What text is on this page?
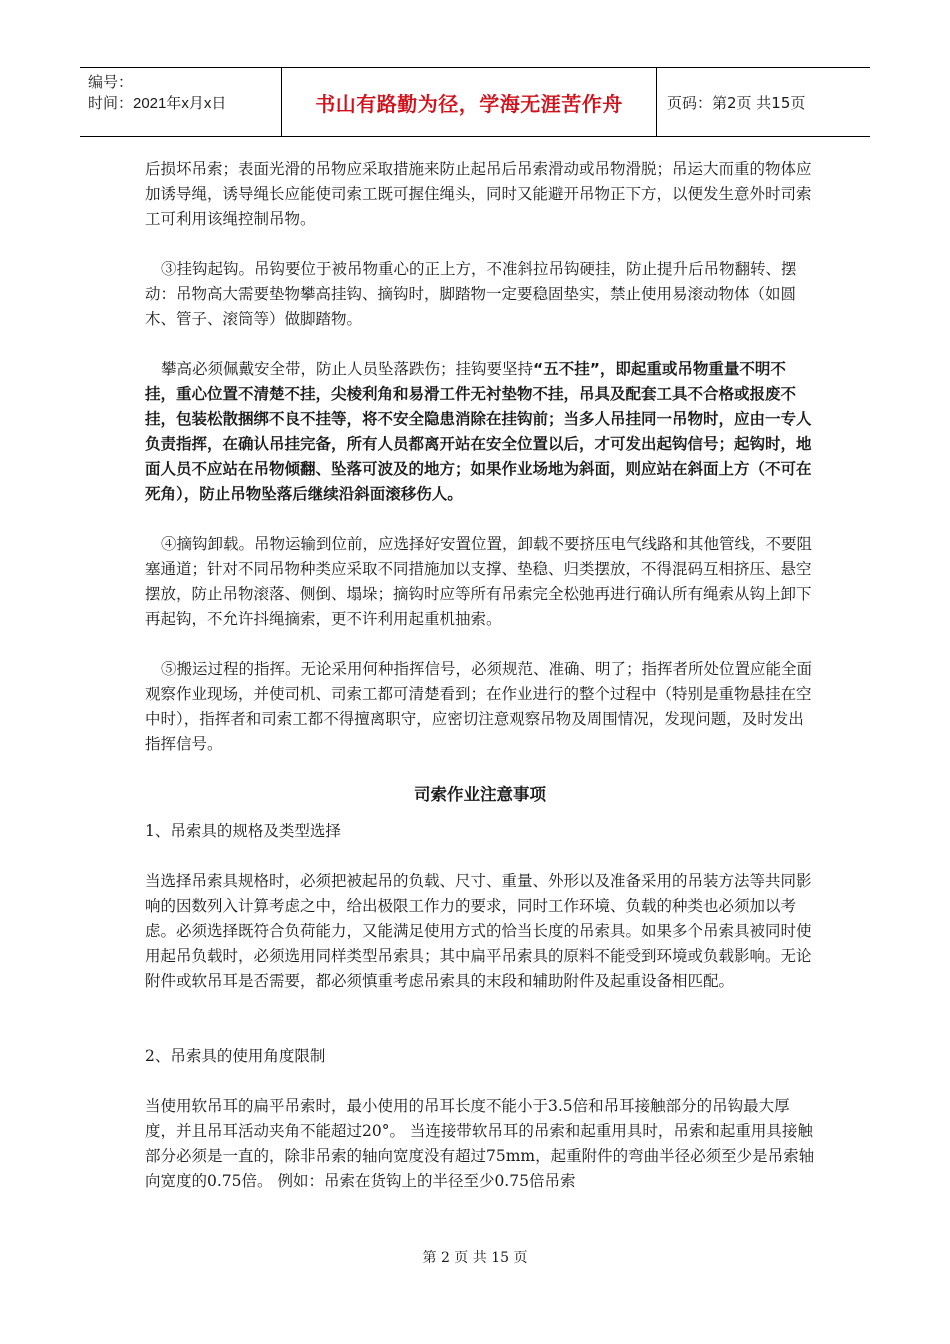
编号：
时间：2021年x月x日	书山有路勤为径，学海无涯苦作舟	页码：第2页 共15页

后损坏吊索；表面光滑的吊物应采取措施来防止起吊后吊索滑动或吊物滑脱；吊运大而重的物体应加诱导绳，诱导绳长应能使司索工既可握住绳头，同时又能避开吊物正下方，以便发生意外时司索工可利用该绳控制吊物。

③挂钩起钩。吊钩要位于被吊物重心的正上方，不准斜拉吊钩硬挂，防止提升后吊物翻转、摆动：吊物高大需要垫物攀高挂钩、摘钩时，脚踏物一定要稳固垫实，禁止使用易滚动物体（如圆木、管子、滚筒等）做脚踏物。

攀高必须佩戴安全带，防止人员坠落跌伤；挂钩要坚持“五不挂”，即起重或吊物重量不明不挂，重心位置不清楚不挂，尖棱利角和易滑工件无衬垫物不挂，吊具及配套工具不合格或报废不挂，包装松散捆绑不良不挂等，将不安全隐患消除在挂钩前；当多人吊挂同一吊物时，应由一专人负责指挥，在确认吊挂完备，所有人员都离开站在安全位置以后，才可发出起钩信号；起钩时，地面人员不应站在吊物倾翻、坠落可波及的地方；如果作业场地为斜面，则应站在斜面上方（不可在死角），防止吊物坠落后继续沿斜面滚移伤人。

④摘钩卸载。吊物运输到位前，应选择好安置位置，卸载不要挤压电气线路和其他管线，不要阻塞通道；针对不同吊物种类应采取不同措施加以支撑、垫稳、归类摆放，不得混码互相挤压、悬空摆放，防止吊物滚落、侧倒、塌垛；摘钩时应等所有吊索完全松弛再进行确认所有绳索从钩上卸下再起钩，不允许抖绳摘索，更不许利用起重机抽索。

⑤搬运过程的指挥。无论采用何种指挥信号，必须规范、准确、明了；指挥者所处位置应能全面观察作业现场，并使司机、司索工都可清楚看到；在作业进行的整个过程中（特别是重物悬挂在空中时），指挥者和司索工都不得擅离职守，应密切注意观察吊物及周围情况，发现问题，及时发出指挥信号。

司索作业注意事项

1、吊索具的规格及类型选择

当选择吊索具规格时，必须把被起吊的负载、尺寸、重量、外形以及准备采用的吊装方法等共同影响的因数列入计算考虑之中，给出极限工作力的要求，同时工作环境、负载的种类也必须加以考虑。必须选择既符合负荷能力，又能满足使用方式的恰当长度的吊索具。如果多个吊索具被同时使用起吊负载时，必须选用同样类型吊索具；其中扁平吊索具的原料不能受到环境或负载影响。无论附件或软吊耳是否需要，都必须慎重考虑吊索具的末段和辅助附件及起重设备相匹配。

2、吊索具的使用角度限制

当使用软吊耳的扁平吊索时，最小使用的吊耳长度不能小于3.5倍和吊耳接触部分的吊钩最大厚度，并且吊耳活动夹角不能超过20°。 当连接带软吊耳的吊索和起重用具时，吊索和起重用具接触部分必须是一直的，除非吊索的轴向宽度没有超过75mm，起重附件的弯曲半径必须至少是吊索轴向宽度的0.75倍。 例如：吊索在货钩上的半径至少0.75倍吊索

第 2 页 共 15 页
